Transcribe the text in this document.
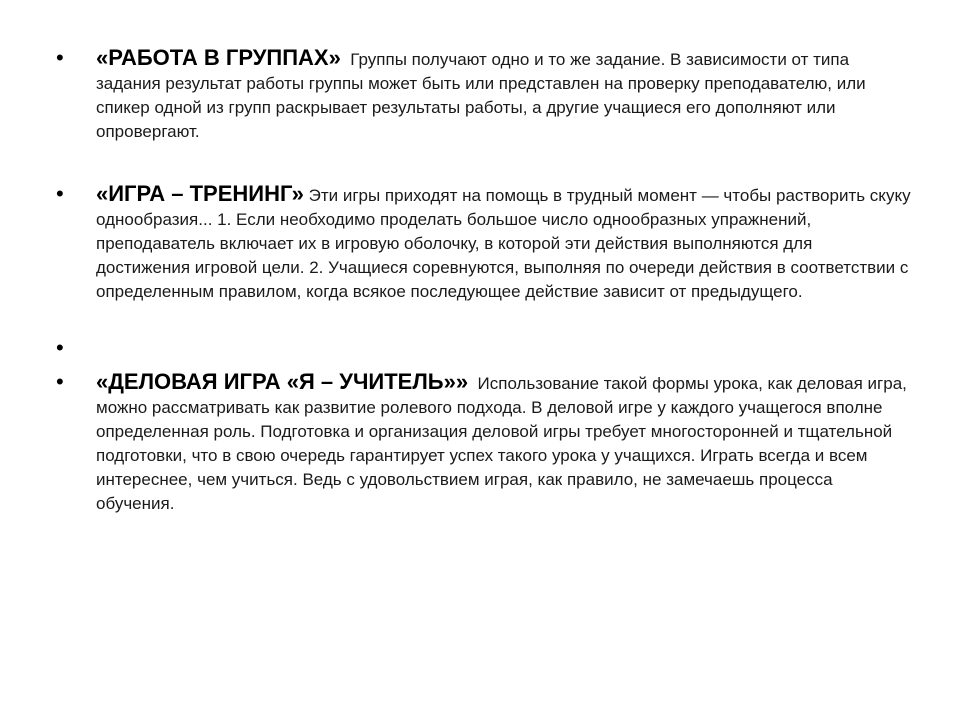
• «РАБОТА В ГРУППАХ» Группы получают одно и то же задание. В зависимости от типа задания результат работы группы может быть или представлен на проверку преподавателю, или спикер одной из групп раскрывает результаты работы, а другие учащиеся его дополняют или опровергают.
• «ИГРА – ТРЕНИНГ» Эти игры приходят на помощь в трудный момент — чтобы растворить скуку однообразия... 1. Если необходимо проделать большое число однообразных упражнений, преподаватель включает их в игровую оболочку, в которой эти действия выполняются для достижения игровой цели. 2. Учащиеся соревнуются, выполняя по очереди действия в соответствии с определенным правилом, когда всякое последующее действие зависит от предыдущего.
•
• «ДЕЛОВАЯ ИГРА «Я – УЧИТЕЛЬ»» Использование такой формы урока, как деловая игра, можно рассматривать как развитие ролевого подхода. В деловой игре у каждого учащегося вполне определенная роль. Подготовка и организация деловой игры требует многосторонней и тщательной подготовки, что в свою очередь гарантирует успех такого урока у учащихся. Играть всегда и всем интереснее, чем учиться. Ведь с удовольствием играя, как правило, не замечаешь процесса обучения.
